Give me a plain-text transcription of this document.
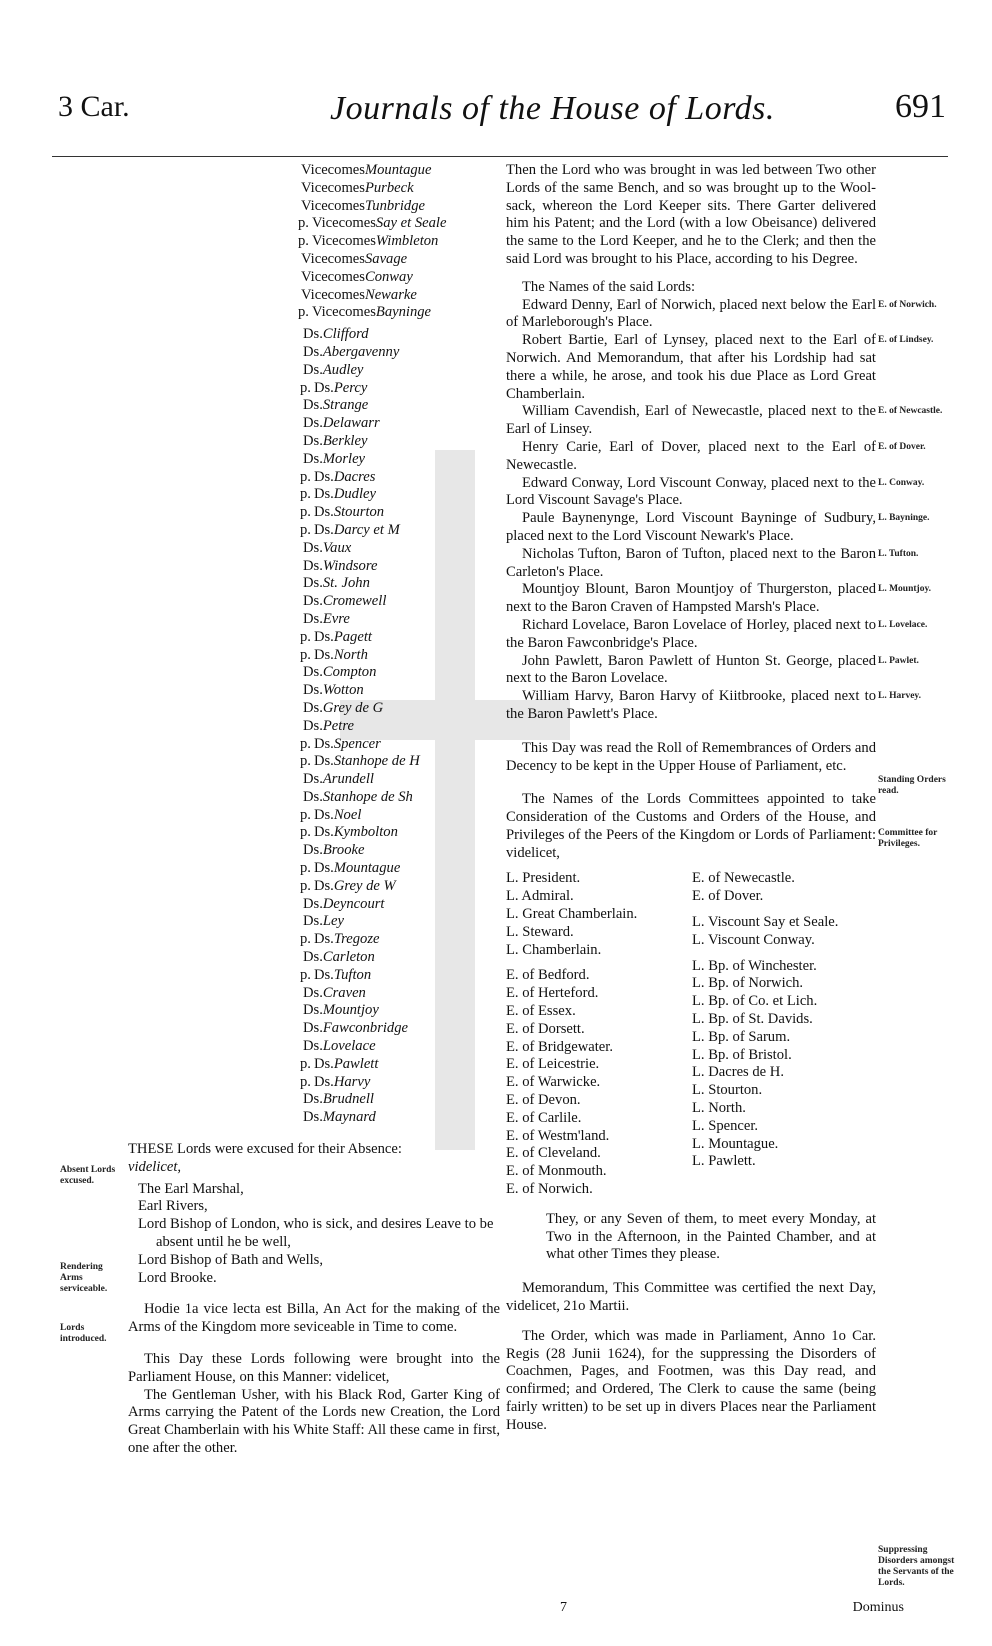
3 Car.	Journals of the House of Lords.	691
Vicecomes Mountague
Vicecomes Purbeck
Vicecomes Tunbridge
p. Vicecomes Say et Seale
p. Vicecomes Wimbleton
Vicecomes Savage
Vicecomes Conway
Vicecomes Newarke
p. Vicecomes Bayninge
Ds. Clifford
Ds. Abergavenny
Ds. Audley
p. Ds. Percy
Ds. Strange
Ds. Delawarr
Ds. Berkley
Ds. Morley
p. Ds. Dacres
p. Ds. Dudley
p. Ds. Stourton
p. Ds. Darcy et M
Ds. Vaux
Ds. Windsore
Ds. St. John
Ds. Cromewell
Ds. Evre
p. Ds. Pagett
p. Ds. North
Ds. Compton
Ds. Wotton
Ds. Grey de G
Ds. Petre
p. Ds. Spencer
p. Ds. Stanhope de H
Ds. Arundell
Ds. Stanhope de Sh
p. Ds. Noel
p. Ds. Kymbolton
Ds. Brooke
p. Ds. Mountague
p. Ds. Grey de W
Ds. Deyncourt
Ds. Ley
p. Ds. Tregoze
Ds. Carleton
p. Ds. Tufton
Ds. Craven
Ds. Mountjoy
Ds. Fawconbridge
Ds. Lovelace
p. Ds. Pawlett
p. Ds. Harvy
Ds. Brudnell
Ds. Maynard

THESE Lords were excused for their Absence:
videlicet,

The Earl Marshal,
Earl Rivers,
Lord Bishop of London, who is sick, and desires Leave to be absent until he be well,
Lord Bishop of Bath and Wells,
Lord Brooke.

Hodie 1a vice lecta est Billa, An Act for the making of the Arms of the Kingdom more seviceable in Time to come.

This Day these Lords following were brought into the Parliament House, on this Manner: videlicet,

The Gentleman Usher, with his Black Rod, Garter King of Arms carrying the Patent of the Lords new Creation, the Lord Great Chamberlain with his White Staff: All these came in first, one after the other.

Absent Lords excused.
Rendering Arms serviceable.
Lords introduced.

Then the Lord who was brought in was led between Two other Lords of the same Bench, and so was brought up to the Wool-sack, whereon the Lord Keeper sits. There Garter delivered him his Patent; and the Lord (with a low Obeisance) delivered the same to the Lord Keeper, and he to the Clerk; and then the said Lord was brought to his Place, according to his Degree.

The Names of the said Lords:

Edward Denny, Earl of Norwich, placed next below the Earl of Marleborough's Place.

Robert Bartie, Earl of Lynsey, placed next to the Earl of Norwich. And Memorandum, that after his Lordship had sat there a while, he arose, and took his due Place as Lord Great Chamberlain.

William Cavendish, Earl of Newecastle, placed next to the Earl of Linsey.

Henry Carie, Earl of Dover, placed next to the Earl of Newecastle.

Edward Conway, Lord Viscount Conway, placed next to the Lord Viscount Savage's Place.

Paule Baynenynge, Lord Viscount Bayninge of Sudbury, placed next to the Lord Viscount Newark's Place.

Nicholas Tufton, Baron of Tufton, placed next to the Baron Carleton's Place.

Mountjoy Blount, Baron Mountjoy of Thurgerston, placed next to the Baron Craven of Hampsted Marsh's Place.

Richard Lovelace, Baron Lovelace of Horley, placed next to the Baron Fawconbridge's Place.

John Pawlett, Baron Pawlett of Hunton St. George, placed next to the Baron Lovelace.

William Harvy, Baron Harvy of Kiitbrooke, placed next to the Baron Pawlett's Place.

This Day was read the Roll of Remembrances of Orders and Decency to be kept in the Upper House of Parliament, etc.

The Names of the Lords Committees appointed to take Consideration of the Customs and Orders of the House, and Privileges of the Peers of the Kingdom or Lords of Parliament: videlicet,

L. President.
L. Admiral.
L. Great Chamberlain.
L. Steward.
L. Chamberlain.
E. of Bedford.
E. of Herteford.
E. of Essex.
E. of Dorsett.
E. of Bridgewater.
E. of Leicestrie.
E. of Warwicke.
E. of Devon.
E. of Carlile.
E. of Westm'land.
E. of Cleveland.
E. of Monmouth.
E. of Norwich.
E. of Newecastle.
E. of Dover.
L. Viscount Say et Seale.
L. Viscount Conway.
L. Bp. of Winchester.
L. Bp. of Norwich.
L. Bp. of Co. et Lich.
L. Bp. of St. Davids.
L. Bp. of Sarum.
L. Bp. of Bristol.
L. Dacres de H.
L. Stourton.
L. North.
L. Spencer.
L. Mountague.
L. Pawlett.

They, or any Seven of them, to meet every Monday, at Two in the Afternoon, in the Painted Chamber, and at what other Times they please.

Memorandum, This Committee was certified the next Day, videlicet, 21o Martii.

The Order, which was made in Parliament, Anno 1o Car. Regis (28 Junii 1624), for the suppressing the Disorders of Coachmen, Pages, and Footmen, was this Day read, and confirmed; and Ordered, The Clerk to cause the same (being fairly written) to be set up in divers Places near the Parliament House.

Standing Orders read.
Committee for Privileges.
Suppressing Disorders amongst the Servants of the Lords.
E. of Norwich.
E. of Lindsey.
E. of Newcastle.
E. of Dover.
L. Conway.
L. Bayninge.
L. Tufton.
L. Mountjoy.
L. Lovelace.
L. Pawlet.
L. Harvey.
7	Dominus
